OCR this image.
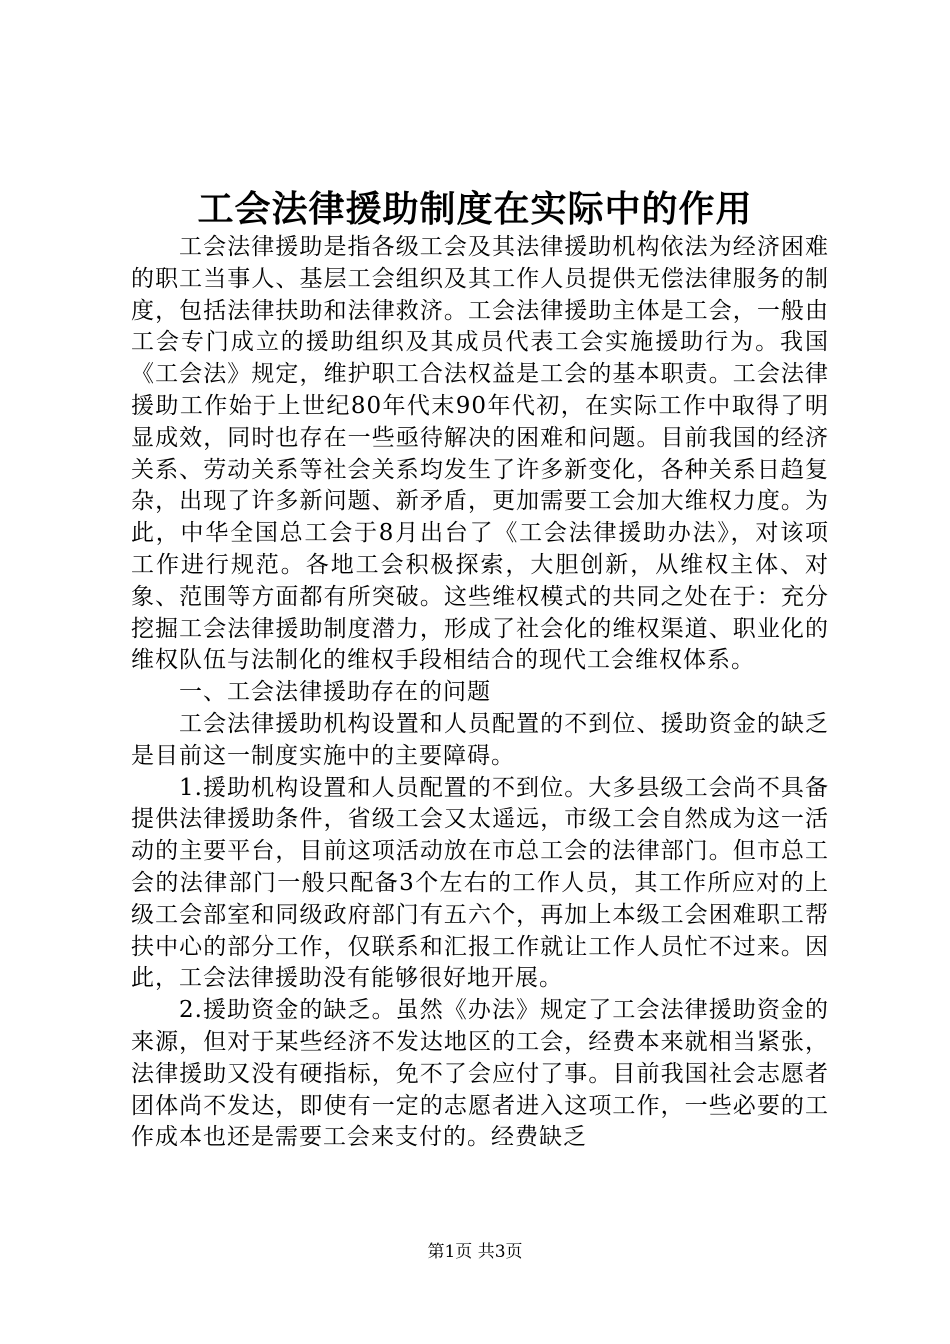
工会法律援助制度在实际中的作用

工会法律援助是指各级工会及其法律援助机构依法为经济困难的职工当事人、基层工会组织及其工作人员提供无偿法律服务的制度，包括法律扶助和法律救济。工会法律援助主体是工会，一般由工会专门成立的援助组织及其成员代表工会实施援助行为。我国《工会法》规定，维护职工合法权益是工会的基本职责。工会法律援助工作始于上世纪80年代末90年代初，在实际工作中取得了明显成效，同时也存在一些亟待解决的困难和问题。目前我国的经济关系、劳动关系等社会关系均发生了许多新变化，各种关系日趋复杂，出现了许多新问题、新矛盾，更加需要工会加大维权力度。为此，中华全国总工会于8月出台了《工会法律援助办法》，对该项工作进行规范。各地工会积极探索，大胆创新，从维权主体、对象、范围等方面都有所突破。这些维权模式的共同之处在于：充分挖掘工会法律援助制度潜力，形成了社会化的维权渠道、职业化的维权队伍与法制化的维权手段相结合的现代工会维权体系。

一、工会法律援助存在的问题

工会法律援助机构设置和人员配置的不到位、援助资金的缺乏是目前这一制度实施中的主要障碍。

1.援助机构设置和人员配置的不到位。大多县级工会尚不具备提供法律援助条件，省级工会又太遥远，市级工会自然成为这一活动的主要平台，目前这项活动放在市总工会的法律部门。但市总工会的法律部门一般只配备3个左右的工作人员，其工作所应对的上级工会部室和同级政府部门有五六个，再加上本级工会困难职工帮扶中心的部分工作，仅联系和汇报工作就让工作人员忙不过来。因此，工会法律援助没有能够很好地开展。

2.援助资金的缺乏。虽然《办法》规定了工会法律援助资金的来源，但对于某些经济不发达地区的工会，经费本来就相当紧张，法律援助又没有硬指标，免不了会应付了事。目前我国社会志愿者团体尚不发达，即使有一定的志愿者进入这项工作，一些必要的工作成本也还是需要工会来支付的。经费缺乏

第1页 共3页
